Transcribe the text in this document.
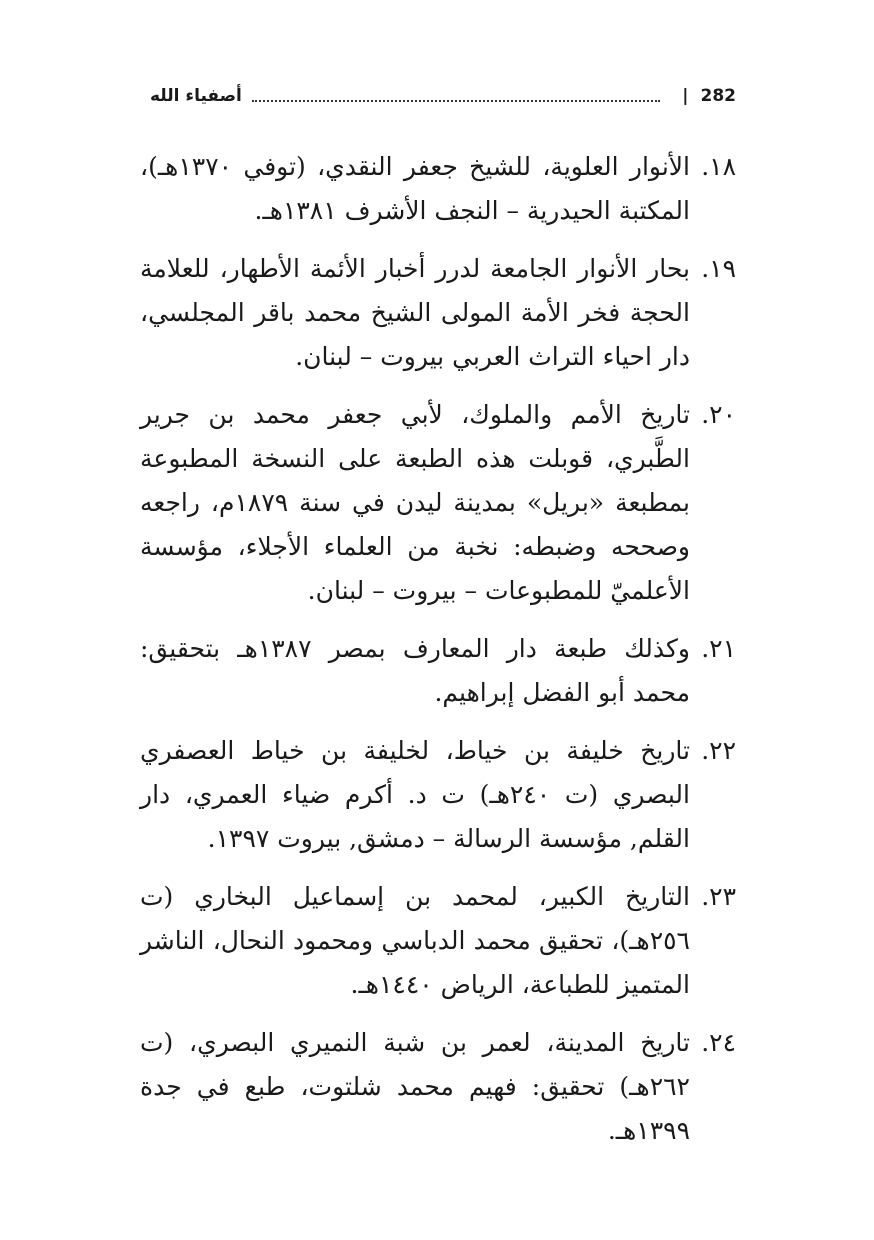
282
|
أصفياء الله
١٨.
الأنوار العلوية، للشيخ جعفر النقدي، (توفي ١٣٧٠هـ)، المكتبة الحيدرية – النجف الأشرف ١٣٨١هـ.
١٩.
بحار الأنوار الجامعة لدرر أخبار الأئمة الأطهار، للعلامة الحجة فخر الأمة المولى الشيخ محمد باقر المجلسي، دار احياء التراث العربي بيروت – لبنان.
٢٠.
تاريخ الأمم والملوك، لأبي جعفر محمد بن جرير الطَّبري، قوبلت هذه الطبعة على النسخة المطبوعة بمطبعة «بريل» بمدينة ليدن في سنة ١٨٧٩م، راجعه وصححه وضبطه: نخبة من العلماء الأجلاء، مؤسسة الأعلميّ للمطبوعات – بيروت – لبنان.
٢١.
وكذلك طبعة دار المعارف بمصر ١٣٨٧هـ بتحقيق: محمد أبو الفضل إبراهيم.
٢٢.
تاريخ خليفة بن خياط، لخليفة بن خياط العصفري البصري (ت ٢٤٠هـ) ت د. أكرم ضياء العمري، دار القلم, مؤسسة الرسالة – دمشق, بيروت ١٣٩٧.
٢٣.
التاريخ الكبير، لمحمد بن إسماعيل البخاري (ت ٢٥٦هـ)، تحقيق محمد الدباسي ومحمود النحال، الناشر المتميز للطباعة، الرياض ١٤٤٠هـ.
٢٤.
تاريخ المدينة، لعمر بن شبة النميري البصري، (ت ٢٦٢هـ) تحقيق: فهيم محمد شلتوت، طبع في جدة ١٣٩٩هـ.
